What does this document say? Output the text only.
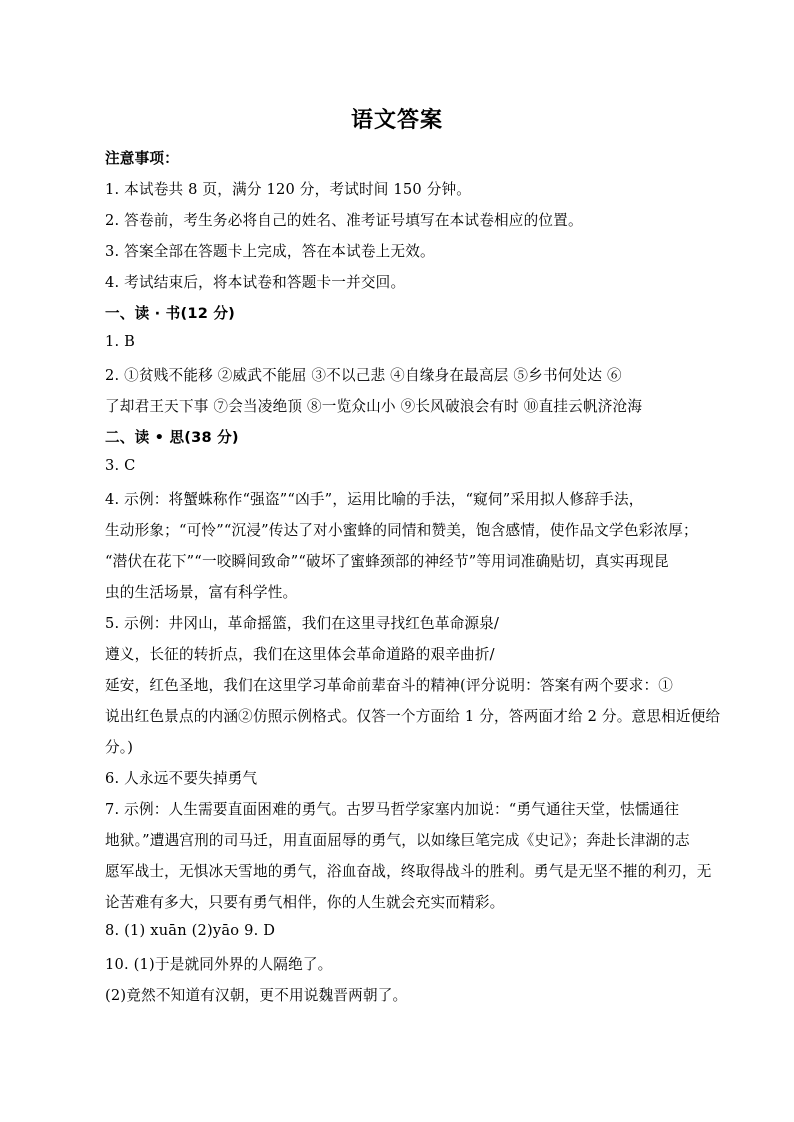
语文答案
注意事项：
1. 本试卷共 8 页，满分 120 分，考试时间 150 分钟。
2. 答卷前，考生务必将自己的姓名、准考证号填写在本试卷相应的位置。
3. 答案全部在答题卡上完成，答在本试卷上无效。
4. 考试结束后，将本试卷和答题卡一并交回。
一、读 · 书(12 分)
1. B
2. ①贫贱不能移 ②威武不能屈 ③不以己悲 ④自缘身在最高层 ⑤乡书何处达 ⑥
了却君王天下事 ⑦会当凌绝顶 ⑧一览众山小 ⑨长风破浪会有时 ⑩直挂云帆济沧海
二、读 • 思(38 分)
3. C
4. 示例：将蟹蛛称作“强盗”“凶手”，运用比喻的手法，“窥伺”采用拟人修辞手法，
生动形象；“可怜”“沉浸”传达了对小蜜蜂的同情和赞美，饱含感情，使作品文学色彩浓厚；
“潜伏在花下”“一咬瞬间致命”“破坏了蜜蜂颈部的神经节”等用词准确贴切，真实再现昆
虫的生活场景，富有科学性。
5. 示例：井冈山，革命摇篮，我们在这里寻找红色革命源泉/
遵义，长征的转折点，我们在这里体会革命道路的艰辛曲折/
延安，红色圣地，我们在这里学习革命前辈奋斗的精神(评分说明：答案有两个要求：①
说出红色景点的内涵②仿照示例格式。仅答一个方面给 1 分，答两面才给 2 分。意思相近便给
分。)
6. 人永远不要失掉勇气
7. 示例：人生需要直面困难的勇气。古罗马哲学家塞内加说：“勇气通往天堂，怯懦通往
地狱。”遭遇宫刑的司马迁，用直面屈辱的勇气，以如缘巨笔完成《史记》；奔赴长津湖的志
愿军战士，无惧冰天雪地的勇气，浴血奋战，终取得战斗的胜利。勇气是无坚不摧的利刃，无
论苦难有多大，只要有勇气相伴，你的人生就会充实而精彩。
8. (1) xuān (2)yāo 9. D
10. (1)于是就同外界的人隔绝了。
(2)竟然不知道有汉朝，更不用说魏晋两朝了。
